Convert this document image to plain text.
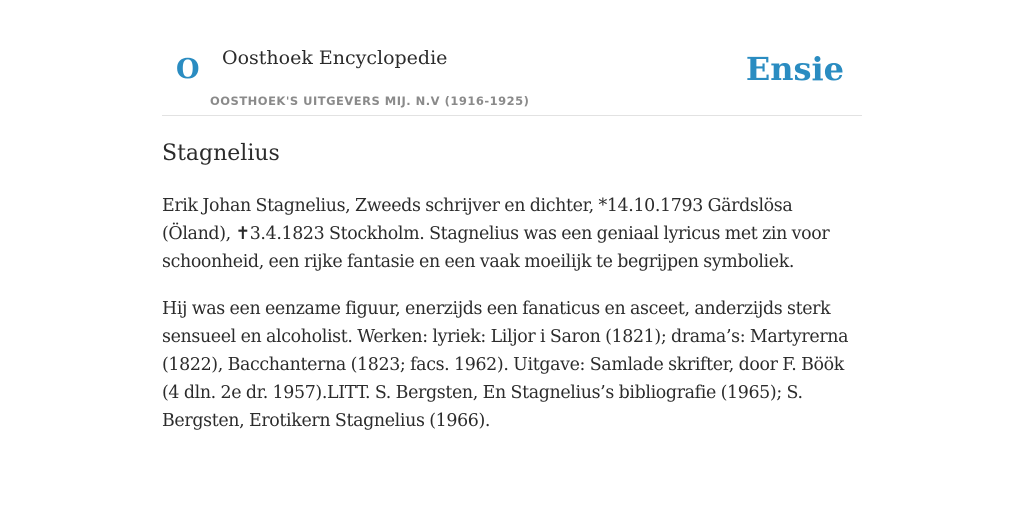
O Oosthoek Encyclopedie
OOSTHOEK'S UITGEVERS MIJ. N.V (1916-1925)
Ensie
Stagnelius

Erik Johan Stagnelius, Zweeds schrijver en dichter, *14.10.1793 Gärdslösa (Öland), ✝3.4.1823 Stockholm. Stagnelius was een geniaal lyricus met zin voor schoonheid, een rijke fantasie en een vaak moeilijk te begrijpen symboliek.

Hij was een eenzame figuur, enerzijds een fanaticus en asceet, anderzijds sterk sensueel en alcoholist. Werken: lyriek: Liljor i Saron (1821); drama’s: Martyrerna (1822), Bacchanterna (1823; facs. 1962). Uitgave: Samlade skrifter, door F. Böök (4 dln. 2e dr. 1957).LITT. S. Bergsten, En Stagnelius’s bibliografie (1965); S. Bergsten, Erotikern Stagnelius (1966).
